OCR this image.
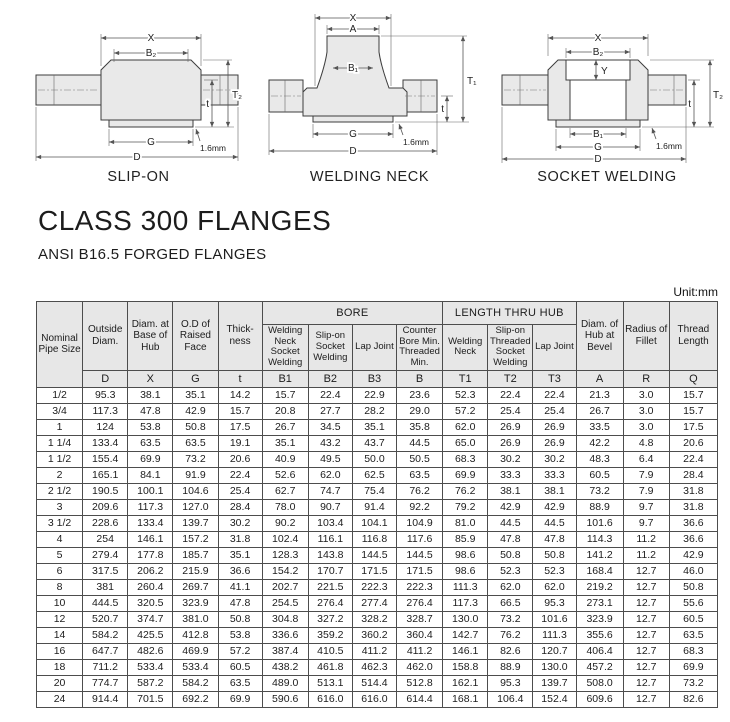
X
B₂
G
D
t
T₂
1.6mm
SLIP-ON
X
A
B₁
G
D
t
T₁
1.6mm
WELDING NECK
X
B₂
Y
B₁
G
D
t
T₂
1.6mm
SOCKET WELDING
CLASS 300 FLANGES
ANSI B16.5 FORGED FLANGES
Unit:mm
Nominal Pipe Size	Outside Diam.	Diam. at Base of Hub	O.D of Raised Face	Thick-ness	BORE				LENGTH THRU HUB			Diam. of Hub at Bevel	Radius of Fillet	Thread Length
					Welding Neck Socket Welding	Slip-on Socket Welding	Lap Joint	Counter Bore Min. Threaded Min.	Welding Neck	Slip-on Threaded Socket Welding	Lap Joint			
	D	X	G	t	B1	B2	B3	B	T1	T2	T3	A	R	Q
1/2	95.3	38.1	35.1	14.2	15.7	22.4	22.9	23.6	52.3	22.4	22.4	21.3	3.0	15.7
3/4	117.3	47.8	42.9	15.7	20.8	27.7	28.2	29.0	57.2	25.4	25.4	26.7	3.0	15.7
1	124	53.8	50.8	17.5	26.7	34.5	35.1	35.8	62.0	26.9	26.9	33.5	3.0	17.5
1 1/4	133.4	63.5	63.5	19.1	35.1	43.2	43.7	44.5	65.0	26.9	26.9	42.2	4.8	20.6
1 1/2	155.4	69.9	73.2	20.6	40.9	49.5	50.0	50.5	68.3	30.2	30.2	48.3	6.4	22.4
2	165.1	84.1	91.9	22.4	52.6	62.0	62.5	63.5	69.9	33.3	33.3	60.5	7.9	28.4
2 1/2	190.5	100.1	104.6	25.4	62.7	74.7	75.4	76.2	76.2	38.1	38.1	73.2	7.9	31.8
3	209.6	117.3	127.0	28.4	78.0	90.7	91.4	92.2	79.2	42.9	42.9	88.9	9.7	31.8
3 1/2	228.6	133.4	139.7	30.2	90.2	103.4	104.1	104.9	81.0	44.5	44.5	101.6	9.7	36.6
4	254	146.1	157.2	31.8	102.4	116.1	116.8	117.6	85.9	47.8	47.8	114.3	11.2	36.6
5	279.4	177.8	185.7	35.1	128.3	143.8	144.5	144.5	98.6	50.8	50.8	141.2	11.2	42.9
6	317.5	206.2	215.9	36.6	154.2	170.7	171.5	171.5	98.6	52.3	52.3	168.4	12.7	46.0
8	381	260.4	269.7	41.1	202.7	221.5	222.3	222.3	111.3	62.0	62.0	219.2	12.7	50.8
10	444.5	320.5	323.9	47.8	254.5	276.4	277.4	276.4	117.3	66.5	95.3	273.1	12.7	55.6
12	520.7	374.7	381.0	50.8	304.8	327.2	328.2	328.7	130.0	73.2	101.6	323.9	12.7	60.5
14	584.2	425.5	412.8	53.8	336.6	359.2	360.2	360.4	142.7	76.2	111.3	355.6	12.7	63.5
16	647.7	482.6	469.9	57.2	387.4	410.5	411.2	411.2	146.1	82.6	120.7	406.4	12.7	68.3
18	711.2	533.4	533.4	60.5	438.2	461.8	462.3	462.0	158.8	88.9	130.0	457.2	12.7	69.9
20	774.7	587.2	584.2	63.5	489.0	513.1	514.4	512.8	162.1	95.3	139.7	508.0	12.7	73.2
24	914.4	701.5	692.2	69.9	590.6	616.0	616.0	614.4	168.1	106.4	152.4	609.6	12.7	82.6
